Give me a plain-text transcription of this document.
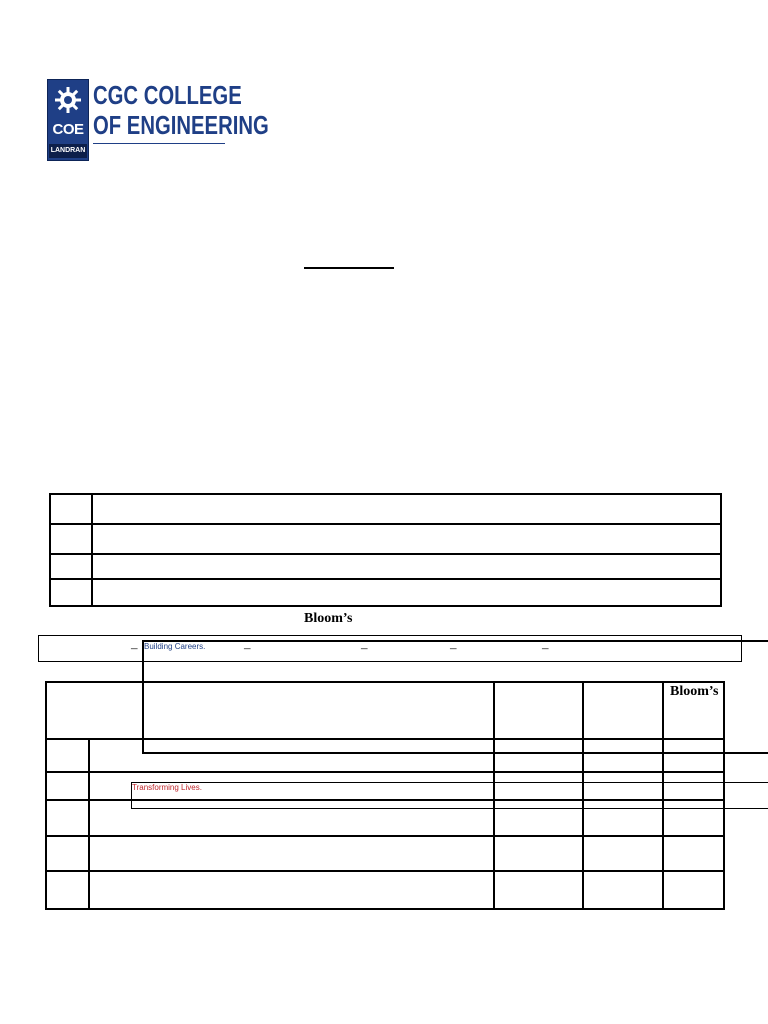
COE
LANDRAN
CGC COLLEGE
OF ENGINEERING
Building Careers.
Transforming Lives.
Bloom’s
–	–	–	–	–
Bloom’s
